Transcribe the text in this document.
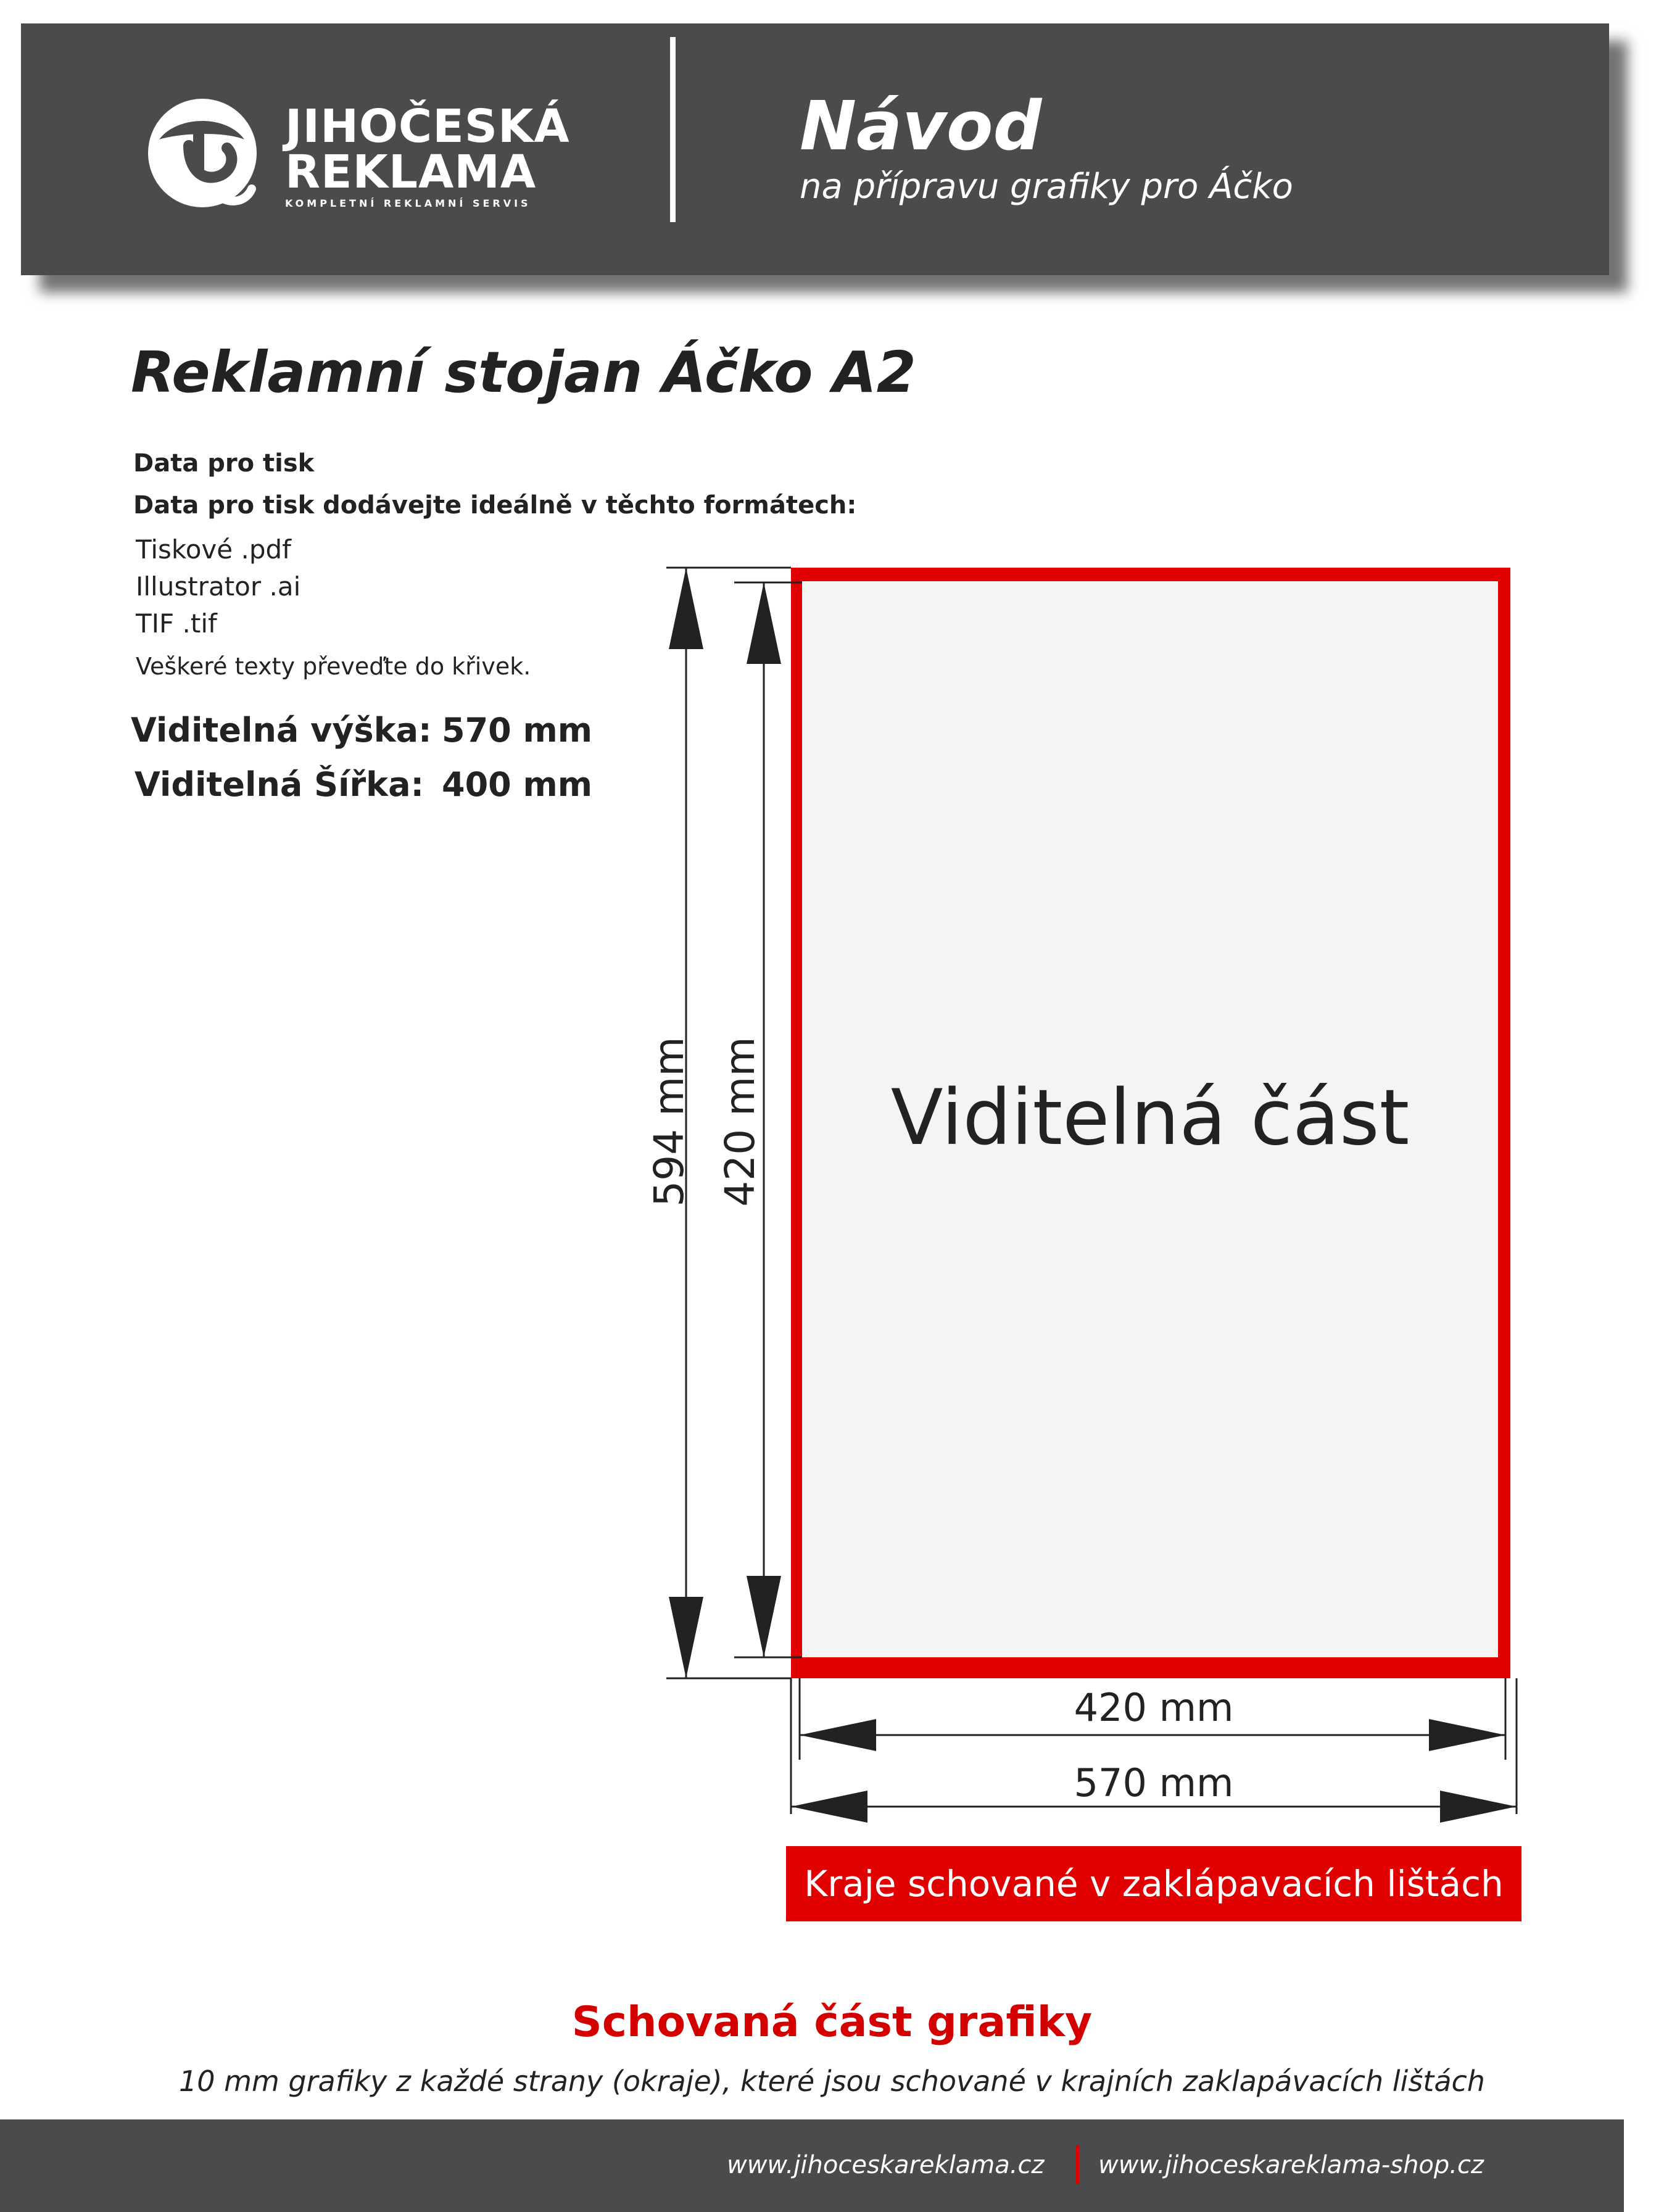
JIHOČESKÁ
REKLAMA
KOMPLETNÍ REKLAMNÍ SERVIS
Návod
na přípravu grafiky pro Áčko
Reklamní stojan Áčko A2
Data pro tisk
Data pro tisk dodávejte ideálně v těchto formátech:
Tiskové .pdf
Illustrator .ai
TIF .tif
Veškeré texty převeďte do křivek.
Viditelná výška: 570 mm
Viditelná Šířka: 400 mm
Viditelná část
594 mm 420 mm
420 mm
570 mm
Kraje schované v zaklápavacích lištách
Schovaná část grafiky
10 mm grafiky z každé strany (okraje), které jsou schované v krajních zaklapávacích lištách
www.jihoceskareklama.cz www.jihoceskareklama-shop.cz
